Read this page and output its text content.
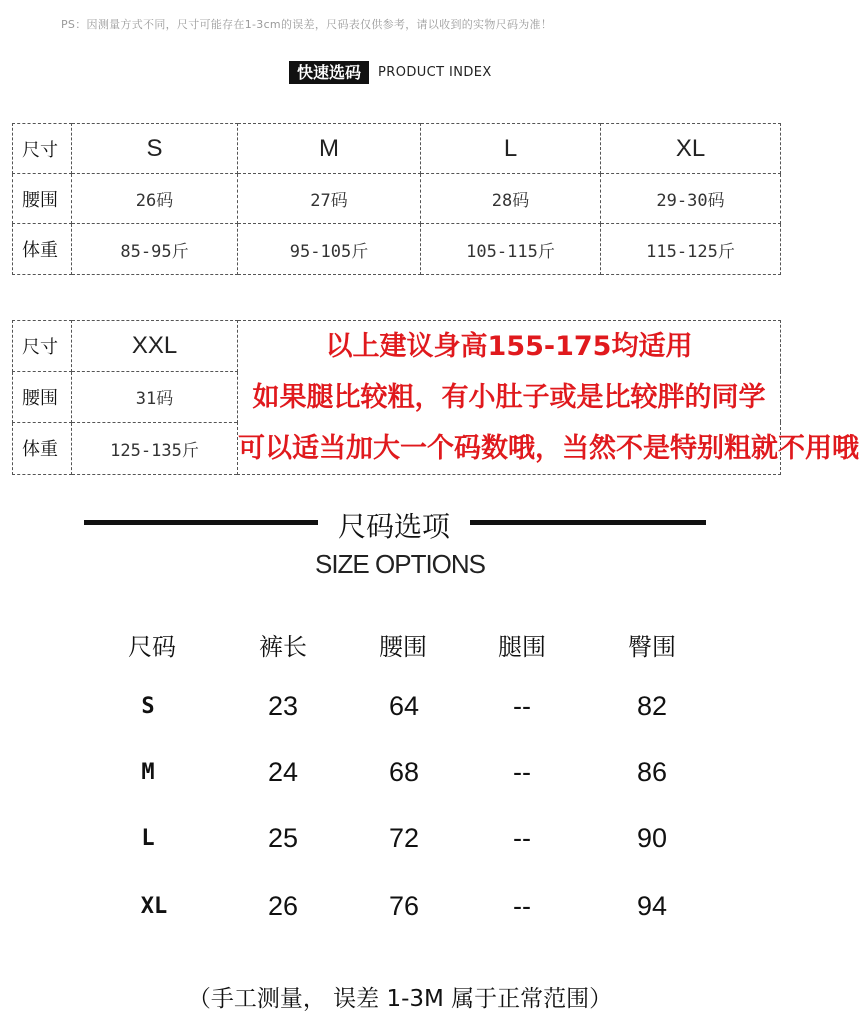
PS：因测量方式不同，尺寸可能存在1-3cm的误差，尺码表仅供参考，请以收到的实物尺码为准！
快速选码	PRODUCT INDEX
尺寸	S	M	L	XL
腰围	26码	27码	28码	29-30码
体重	85-95斤	95-105斤	105-115斤	115-125斤
尺寸	XXL	以上建议身高155-175均适用
如果腿比较粗，有小肚子或是比较胖的同学
可以适当加大一个码数哦，当然不是特别粗就不用哦

腰围	31码	
体重	125-135斤	
尺码选项
SIZE OPTIONS
尺码	裤长	腰围	腿围	臀围
S	23	64	--	82
M	24	68	--	86
L	25	72	--	90
XL	26	76	--	94
（手工测量， 误差 1-3M 属于正常范围）
